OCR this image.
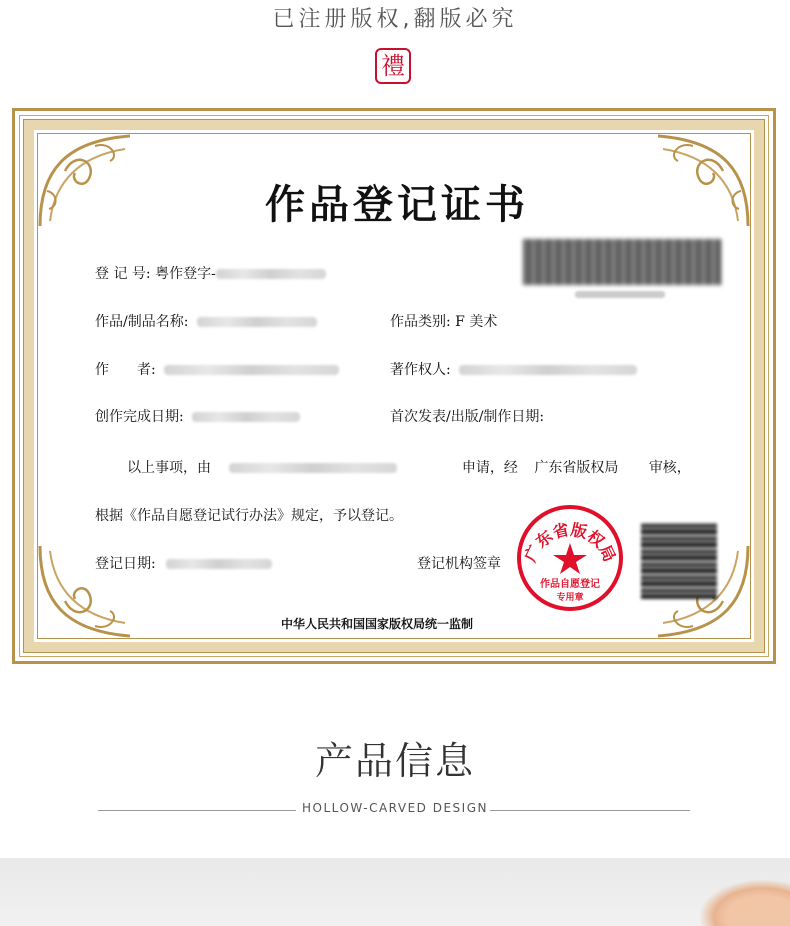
已注册版权,翻版必究
禮
作品登记证书
登 记 号: 粤作登字-
作品/制品名称:	作品类别: F 美术
作　　者:	著作权人:
创作完成日期:	首次发表/出版/制作日期:
以上事项，由	申请，经 广东省版权局 审核，
根据《作品自愿登记试行办法》规定，予以登记。
登记日期:	登记机构签章 广东省版权局
作品自愿登记
专用章
中华人民共和国国家版权局统一监制
产品信息
HOLLOW-CARVED DESIGN
